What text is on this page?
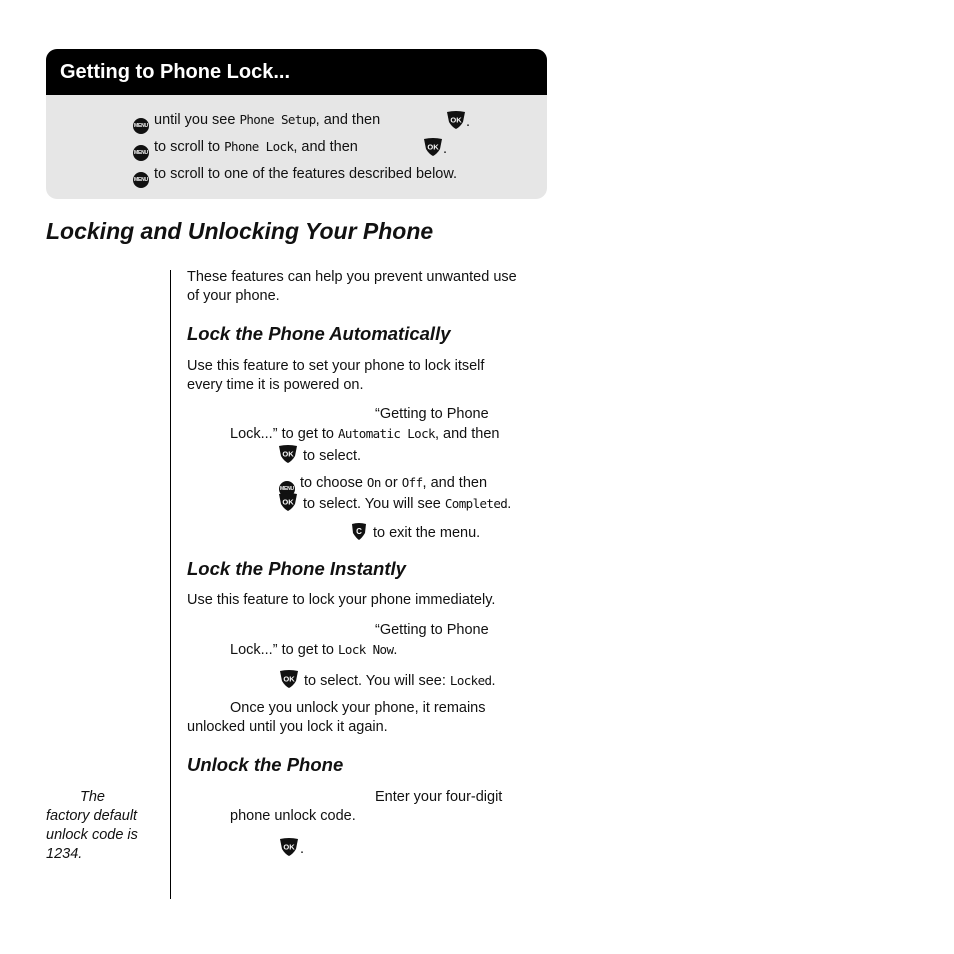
Getting to Phone Lock...
MENU until you see Phone Setup, and then	OK .
MENU to scroll to Phone Lock, and then	OK .
MENU to scroll to one of the features described below.
Locking and Unlocking Your Phone
These features can help you prevent unwanted use
of your phone.
Lock the Phone Automatically
Use this feature to set your phone to lock itself
every time it is powered on.
“Getting to Phone
Lock...” to get to Automatic Lock, and then
OK to select.
MENU to choose On or Off, and then
OK to select. You will see Completed.
C to exit the menu.
Lock the Phone Instantly
Use this feature to lock your phone immediately.
“Getting to Phone
Lock...” to get to Lock Now.
OK to select. You will see: Locked.
Once you unlock your phone, it remains
unlocked until you lock it again.
Unlock the Phone
Enter your four-digit
phone unlock code.
OK .
The
factory default
unlock code is
1234.
